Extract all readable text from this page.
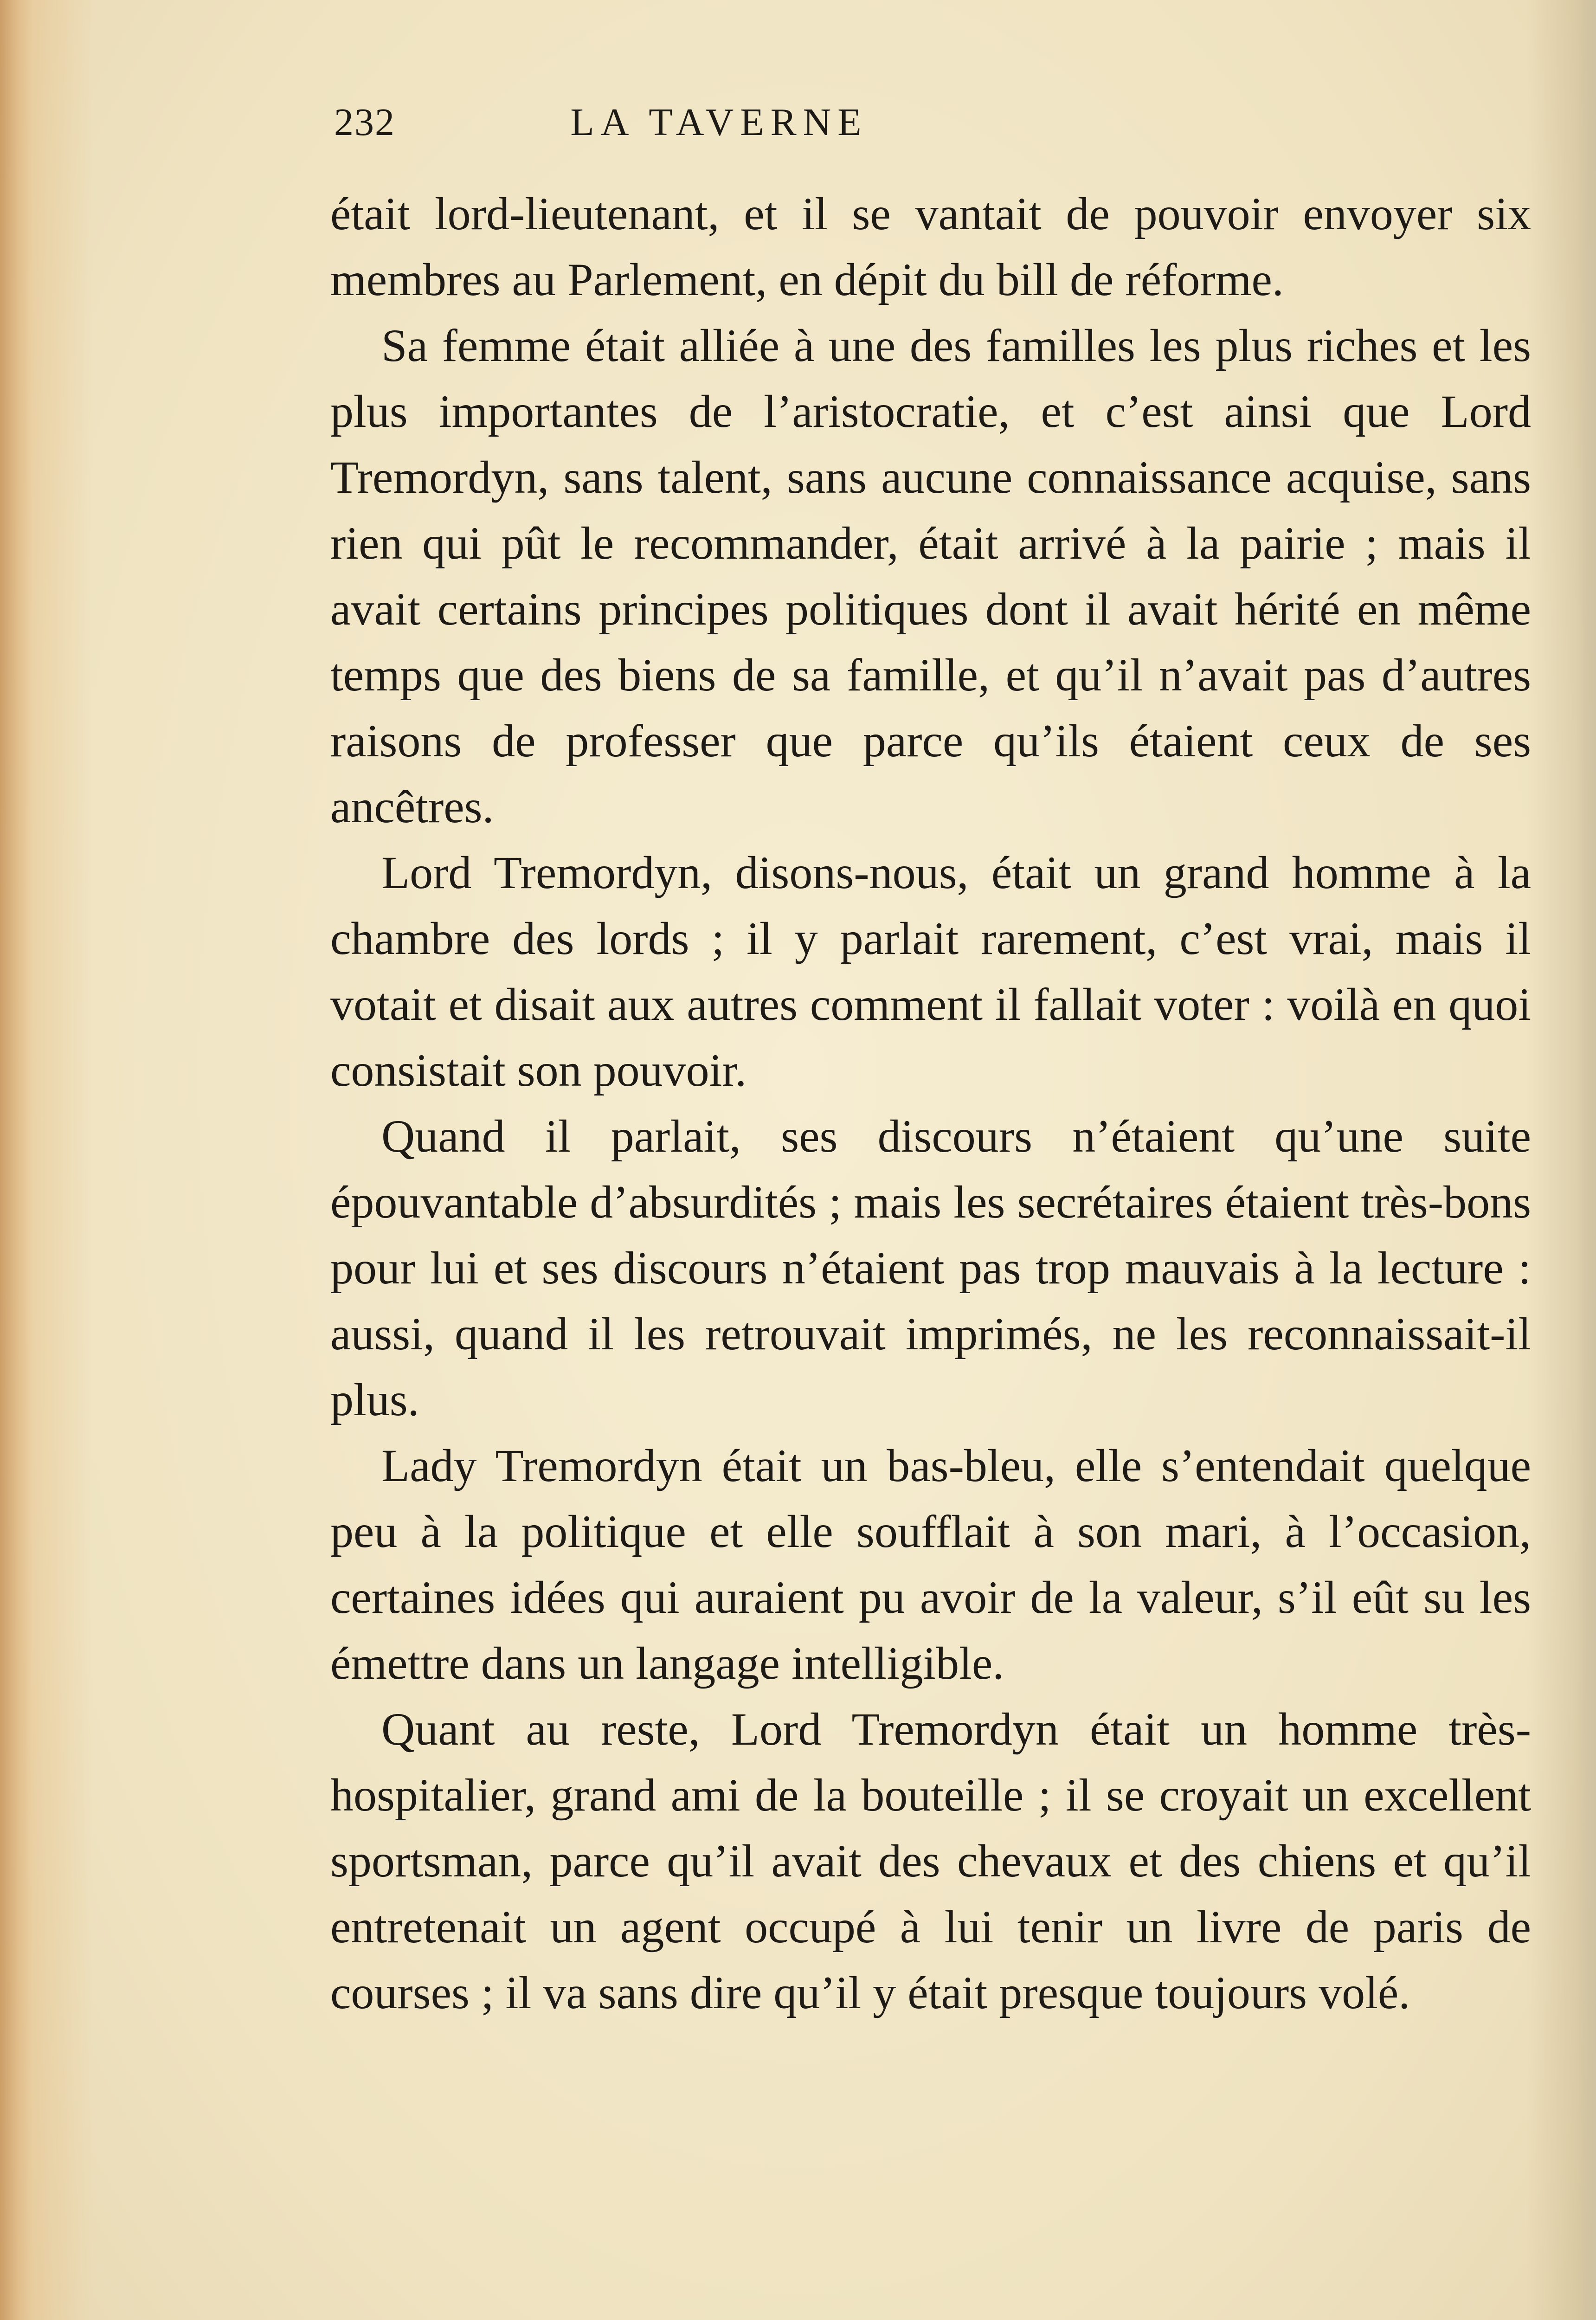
232	LA TAVERNE

était lord-lieutenant, et il se vantait de pouvoir envoyer six membres au Parlement, en dépit du bill de réforme.

Sa femme était alliée à une des familles les plus riches et les plus importantes de l’aristocratie, et c’est ainsi que Lord Tremordyn, sans talent, sans aucune connaissance acquise, sans rien qui pût le recommander, était arrivé à la pairie ; mais il avait certains principes politiques dont il avait hérité en même temps que des biens de sa famille, et qu’il n’avait pas d’autres raisons de professer que parce qu’ils étaient ceux de ses ancêtres.

Lord Tremordyn, disons-nous, était un grand homme à la chambre des lords ; il y parlait rarement, c’est vrai, mais il votait et disait aux autres comment il fallait voter : voilà en quoi consistait son pouvoir.

Quand il parlait, ses discours n’étaient qu’une suite épouvantable d’absurdités ; mais les secrétaires étaient très-bons pour lui et ses discours n’étaient pas trop mauvais à la lecture : aussi, quand il les retrouvait imprimés, ne les reconnaissait-il plus.

Lady Tremordyn était un bas-bleu, elle s’entendait quelque peu à la politique et elle soufflait à son mari, à l’occasion, certaines idées qui auraient pu avoir de la valeur, s’il eût su les émettre dans un langage intelligible.

Quant au reste, Lord Tremordyn était un homme très-hospitalier, grand ami de la bouteille ; il se croyait un excellent sportsman, parce qu’il avait des chevaux et des chiens et qu’il entretenait un agent occupé à lui tenir un livre de paris de courses ; il va sans dire qu’il y était presque toujours volé.
